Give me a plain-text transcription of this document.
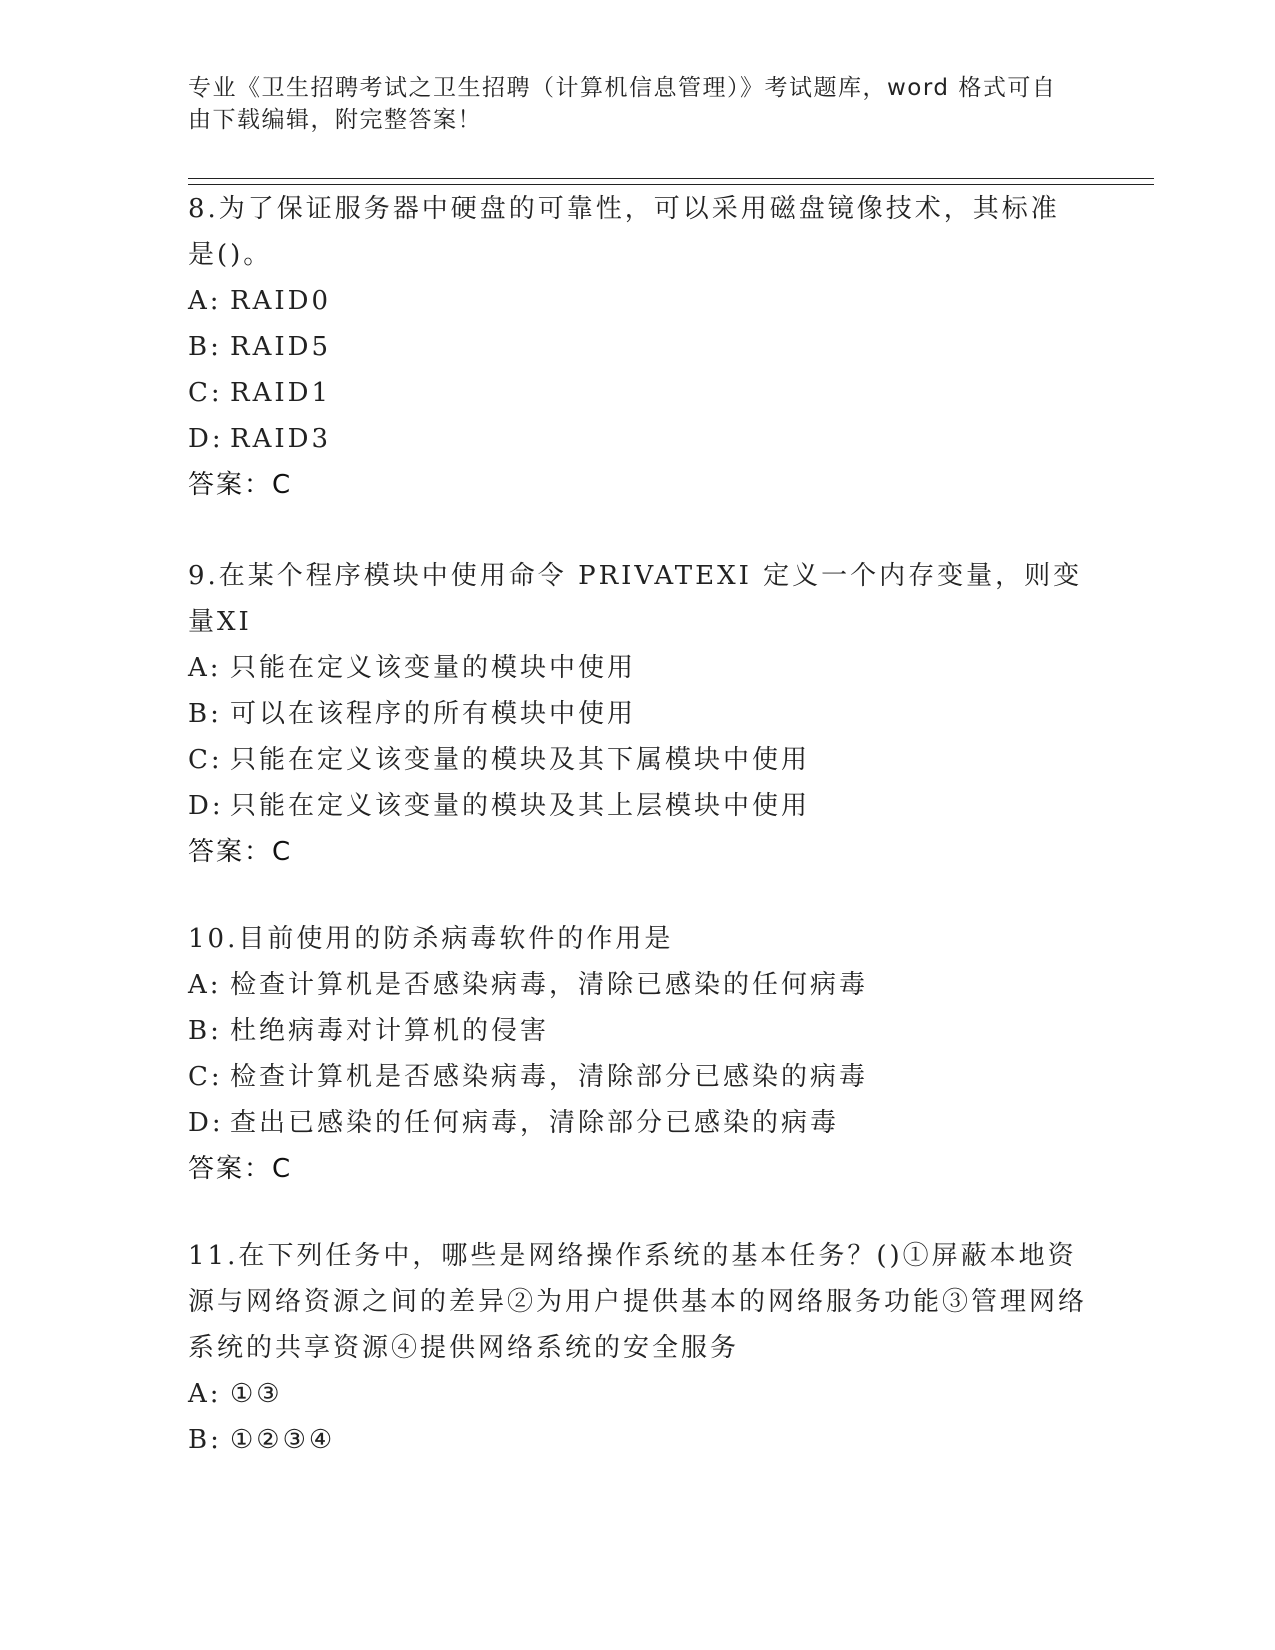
专业《卫生招聘考试之卫生招聘（计算机信息管理）》考试题库，word 格式可自
由下载编辑，附完整答案！
8.为了保证服务器中硬盘的可靠性，可以采用磁盘镜像技术，其标准是()。
A: RAID0
B: RAID5
C: RAID1
D: RAID3
答案：C
9.在某个程序模块中使用命令 PRIVATEXI 定义一个内存变量，则变量XI
A: 只能在定义该变量的模块中使用
B: 可以在该程序的所有模块中使用
C: 只能在定义该变量的模块及其下属模块中使用
D: 只能在定义该变量的模块及其上层模块中使用
答案：C
10.目前使用的防杀病毒软件的作用是
A: 检查计算机是否感染病毒，清除已感染的任何病毒
B: 杜绝病毒对计算机的侵害
C: 检查计算机是否感染病毒，清除部分已感染的病毒
D: 查出已感染的任何病毒，清除部分已感染的病毒
答案：C
11.在下列任务中，哪些是网络操作系统的基本任务？()①屏蔽本地资源与网络资源之间的差异②为用户提供基本的网络服务功能③管理网络系统的共享资源④提供网络系统的安全服务
A: ①③
B: ①②③④
